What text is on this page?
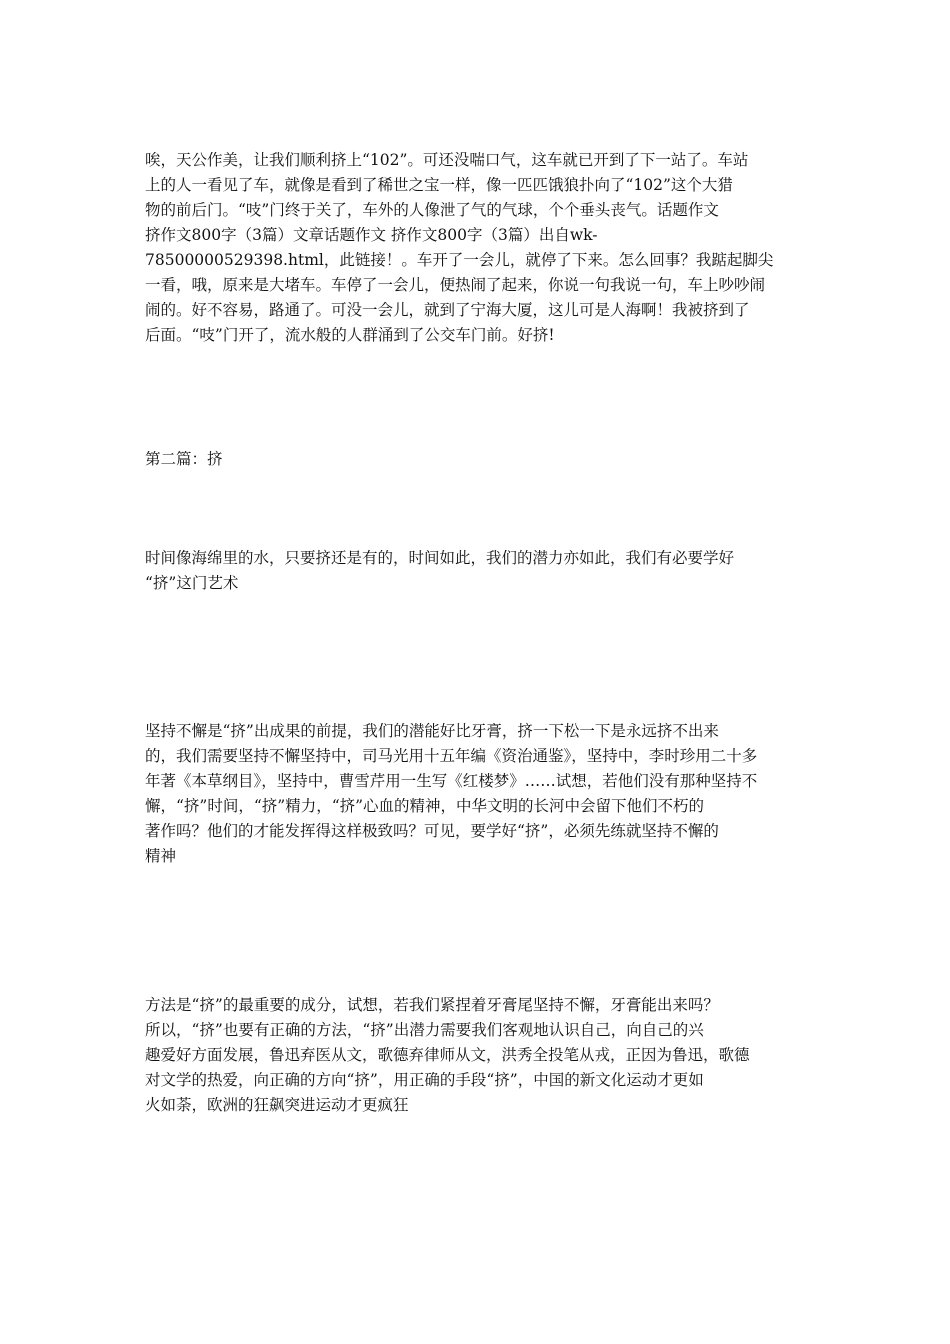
唉，天公作美，让我们顺利挤上“102”。可还没喘口气，这车就已开到了下一站了。车站
上的人一看见了车，就像是看到了稀世之宝一样，像一匹匹饿狼扑向了“102”这个大猎
物的前后门。“吱”门终于关了，车外的人像泄了气的气球，个个垂头丧气。话题作文
挤作文800字（3篇）文章话题作文 挤作文800字（3篇）出自wk-
78500000529398.html，此链接！。车开了一会儿，就停了下来。怎么回事？我踮起脚尖
一看，哦，原来是大堵车。车停了一会儿，便热闹了起来，你说一句我说一句，车上吵吵闹
闹的。好不容易，路通了。可没一会儿，就到了宁海大厦，这儿可是人海啊！我被挤到了
后面。“吱”门开了，流水般的人群涌到了公交车门前。好挤!
第二篇：挤
时间像海绵里的水，只要挤还是有的，时间如此，我们的潜力亦如此，我们有必要学好
“挤”这门艺术
坚持不懈是“挤”出成果的前提，我们的潜能好比牙膏，挤一下松一下是永远挤不出来
的，我们需要坚持不懈坚持中，司马光用十五年编《资治通鉴》，坚持中，李时珍用二十多
年著《本草纲目》，坚持中，曹雪芹用一生写《红楼梦》……试想，若他们没有那种坚持不
懈，“挤”时间，“挤”精力，“挤”心血的精神，中华文明的长河中会留下他们不朽的
著作吗？他们的才能发挥得这样极致吗？可见，要学好“挤”，必须先练就坚持不懈的
精神
方法是“挤”的最重要的成分，试想，若我们紧捏着牙膏尾坚持不懈，牙膏能出来吗？
所以，“挤”也要有正确的方法，“挤”出潜力需要我们客观地认识自己，向自己的兴
趣爱好方面发展，鲁迅弃医从文，歌德弃律师从文，洪秀全投笔从戎，正因为鲁迅，歌德
对文学的热爱，向正确的方向“挤”，用正确的手段“挤”，中国的新文化运动才更如
火如荼，欧洲的狂飙突进运动才更疯狂
